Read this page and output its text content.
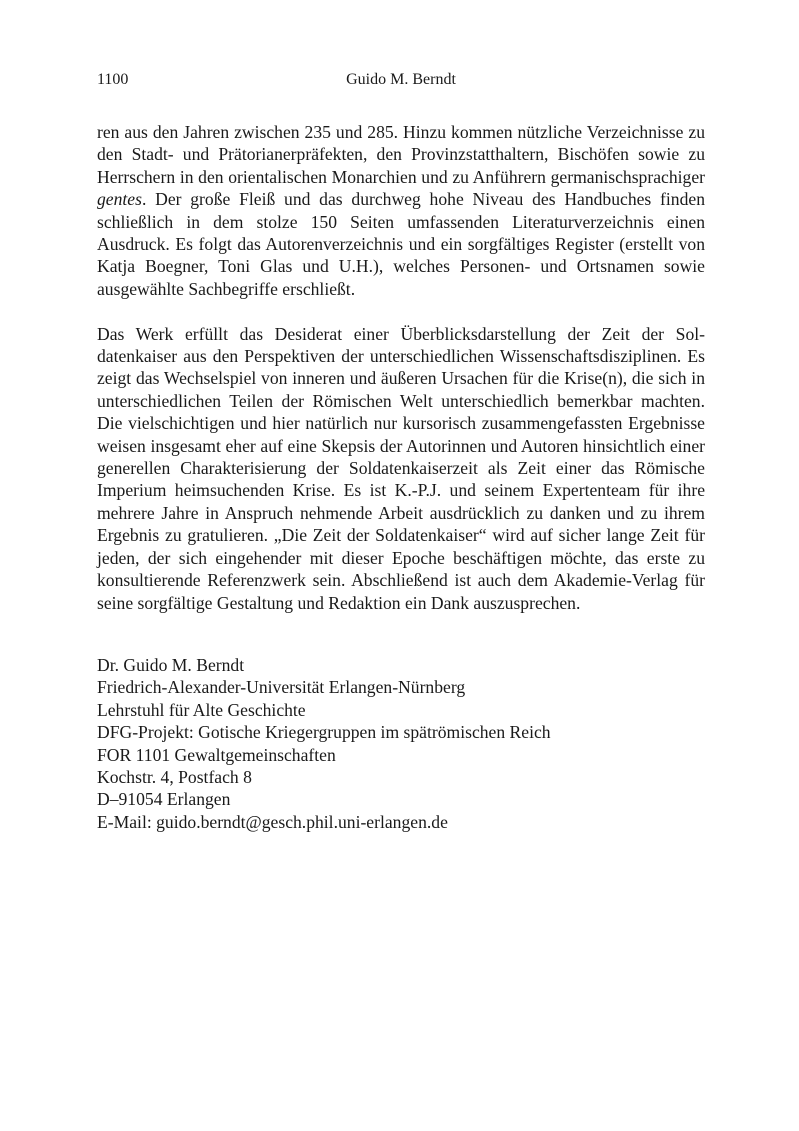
1100	Guido M. Berndt

ren aus den Jahren zwischen 235 und 285. Hinzu kommen nützliche Verzeichnisse zu den Stadt- und Prätorianerpräfekten, den Provinzstatthaltern, Bischöfen sowie zu Herrschern in den orientalischen Monarchien und zu Anführern germanischsprachiger gentes. Der große Fleiß und das durchweg hohe Niveau des Handbuches finden schließlich in dem stolze 150 Seiten umfassenden Literaturverzeichnis einen Ausdruck. Es folgt das Autorenverzeichnis und ein sorgfältiges Register (erstellt von Katja Boegner, Toni Glas und U.H.), welches Personen- und Ortsnamen sowie ausgewählte Sachbegriffe erschließt.

Das Werk erfüllt das Desiderat einer Überblicksdarstellung der Zeit der Soldatenkaiser aus den Perspektiven der unterschiedlichen Wissenschaftsdisziplinen. Es zeigt das Wechselspiel von inneren und äußeren Ursachen für die Krise(n), die sich in unterschiedlichen Teilen der Römischen Welt unterschiedlich bemerkbar machten. Die vielschichtigen und hier natürlich nur kursorisch zusammengefassten Ergebnisse weisen insgesamt eher auf eine Skepsis der Autorinnen und Autoren hinsichtlich einer generellen Charakterisierung der Soldatenkaiserzeit als Zeit einer das Römische Imperium heimsuchenden Krise. Es ist K.-P.J. und seinem Expertenteam für ihre mehrere Jahre in Anspruch nehmende Arbeit ausdrücklich zu danken und zu ihrem Ergebnis zu gratulieren. „Die Zeit der Soldatenkaiser“ wird auf sicher lange Zeit für jeden, der sich eingehender mit dieser Epoche beschäftigen möchte, das erste zu konsultierende Referenzwerk sein. Abschließend ist auch dem Akademie-Verlag für seine sorgfältige Gestaltung und Redaktion ein Dank auszusprechen.

Dr. Guido M. Berndt
Friedrich-Alexander-Universität Erlangen-Nürnberg
Lehrstuhl für Alte Geschichte
DFG-Projekt: Gotische Kriegergruppen im spätrömischen Reich
FOR 1101 Gewaltgemeinschaften
Kochstr. 4, Postfach 8
D–91054 Erlangen
E-Mail: guido.berndt@gesch.phil.uni-erlangen.de
